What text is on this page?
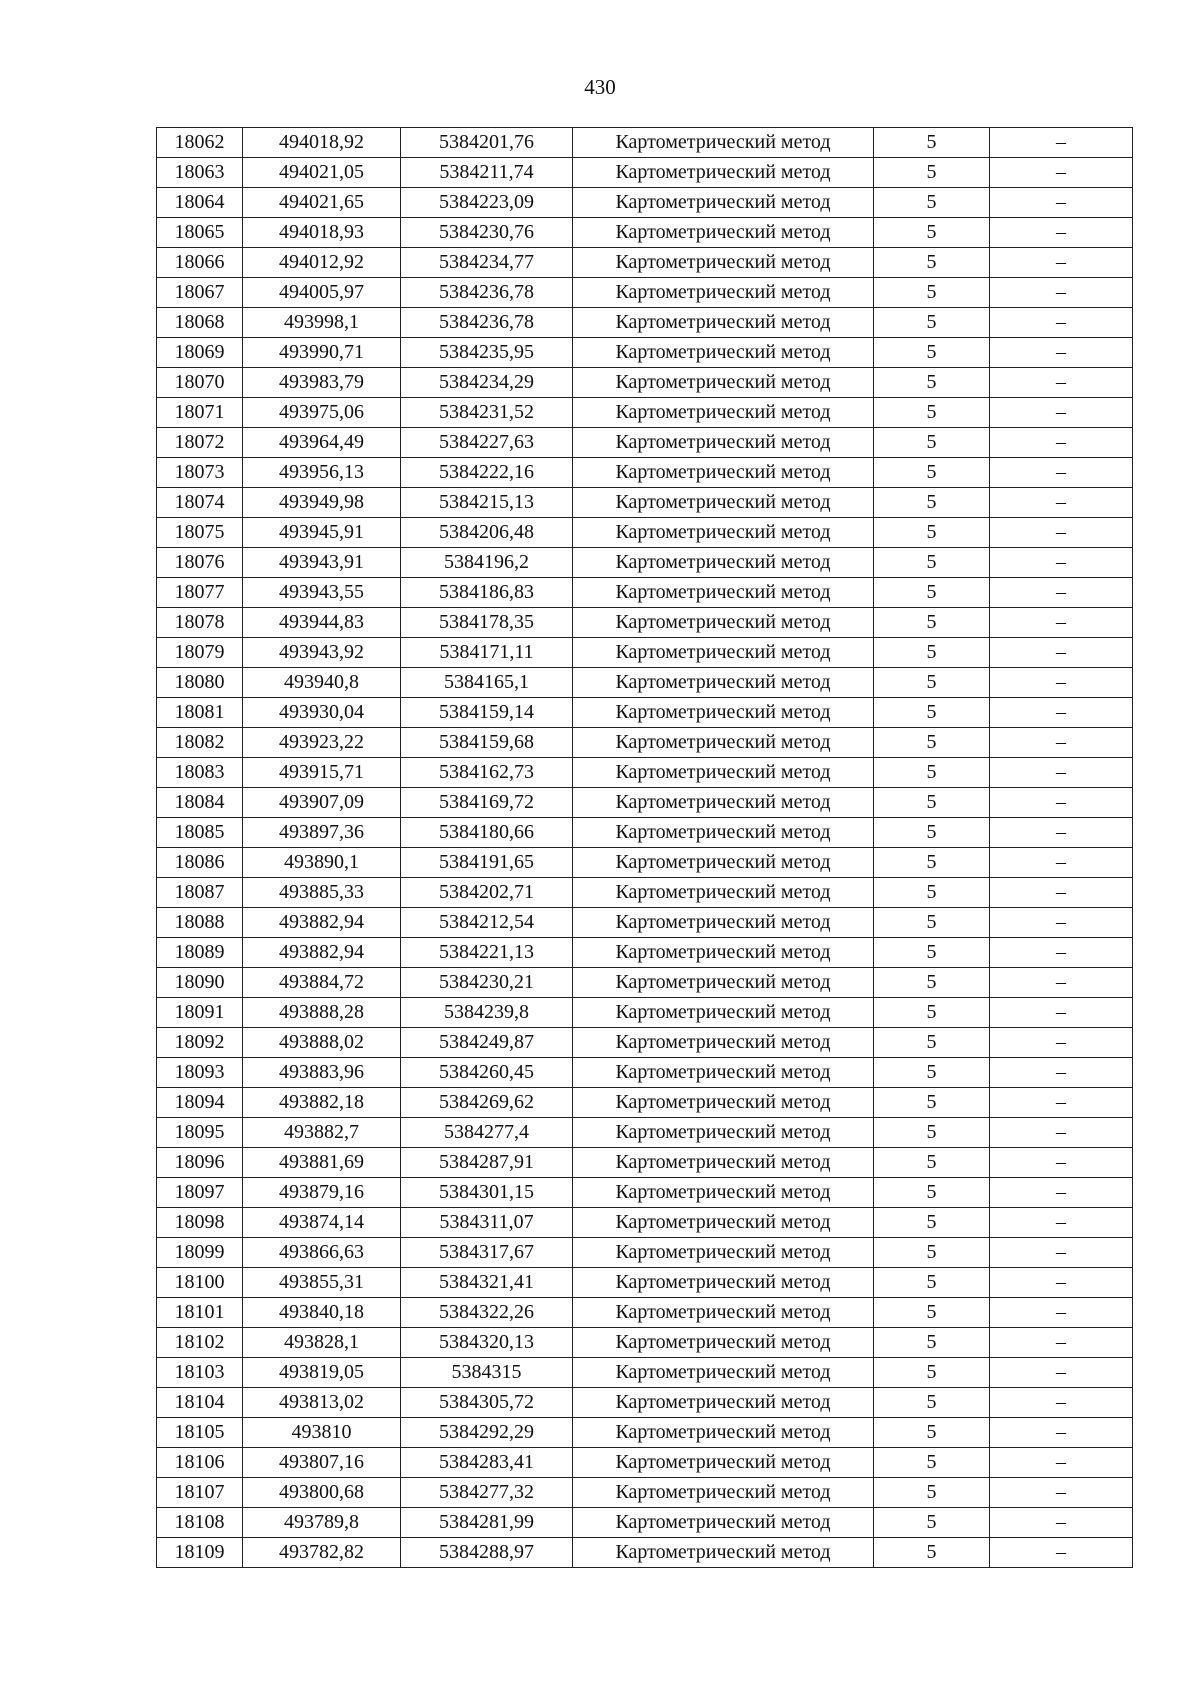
430
18062	494018,92	5384201,76	Картометрический метод	5	–
18063	494021,05	5384211,74	Картометрический метод	5	–
18064	494021,65	5384223,09	Картометрический метод	5	–
18065	494018,93	5384230,76	Картометрический метод	5	–
18066	494012,92	5384234,77	Картометрический метод	5	–
18067	494005,97	5384236,78	Картометрический метод	5	–
18068	493998,1	5384236,78	Картометрический метод	5	–
18069	493990,71	5384235,95	Картометрический метод	5	–
18070	493983,79	5384234,29	Картометрический метод	5	–
18071	493975,06	5384231,52	Картометрический метод	5	–
18072	493964,49	5384227,63	Картометрический метод	5	–
18073	493956,13	5384222,16	Картометрический метод	5	–
18074	493949,98	5384215,13	Картометрический метод	5	–
18075	493945,91	5384206,48	Картометрический метод	5	–
18076	493943,91	5384196,2	Картометрический метод	5	–
18077	493943,55	5384186,83	Картометрический метод	5	–
18078	493944,83	5384178,35	Картометрический метод	5	–
18079	493943,92	5384171,11	Картометрический метод	5	–
18080	493940,8	5384165,1	Картометрический метод	5	–
18081	493930,04	5384159,14	Картометрический метод	5	–
18082	493923,22	5384159,68	Картометрический метод	5	–
18083	493915,71	5384162,73	Картометрический метод	5	–
18084	493907,09	5384169,72	Картометрический метод	5	–
18085	493897,36	5384180,66	Картометрический метод	5	–
18086	493890,1	5384191,65	Картометрический метод	5	–
18087	493885,33	5384202,71	Картометрический метод	5	–
18088	493882,94	5384212,54	Картометрический метод	5	–
18089	493882,94	5384221,13	Картометрический метод	5	–
18090	493884,72	5384230,21	Картометрический метод	5	–
18091	493888,28	5384239,8	Картометрический метод	5	–
18092	493888,02	5384249,87	Картометрический метод	5	–
18093	493883,96	5384260,45	Картометрический метод	5	–
18094	493882,18	5384269,62	Картометрический метод	5	–
18095	493882,7	5384277,4	Картометрический метод	5	–
18096	493881,69	5384287,91	Картометрический метод	5	–
18097	493879,16	5384301,15	Картометрический метод	5	–
18098	493874,14	5384311,07	Картометрический метод	5	–
18099	493866,63	5384317,67	Картометрический метод	5	–
18100	493855,31	5384321,41	Картометрический метод	5	–
18101	493840,18	5384322,26	Картометрический метод	5	–
18102	493828,1	5384320,13	Картометрический метод	5	–
18103	493819,05	5384315	Картометрический метод	5	–
18104	493813,02	5384305,72	Картометрический метод	5	–
18105	493810	5384292,29	Картометрический метод	5	–
18106	493807,16	5384283,41	Картометрический метод	5	–
18107	493800,68	5384277,32	Картометрический метод	5	–
18108	493789,8	5384281,99	Картометрический метод	5	–
18109	493782,82	5384288,97	Картометрический метод	5	–
